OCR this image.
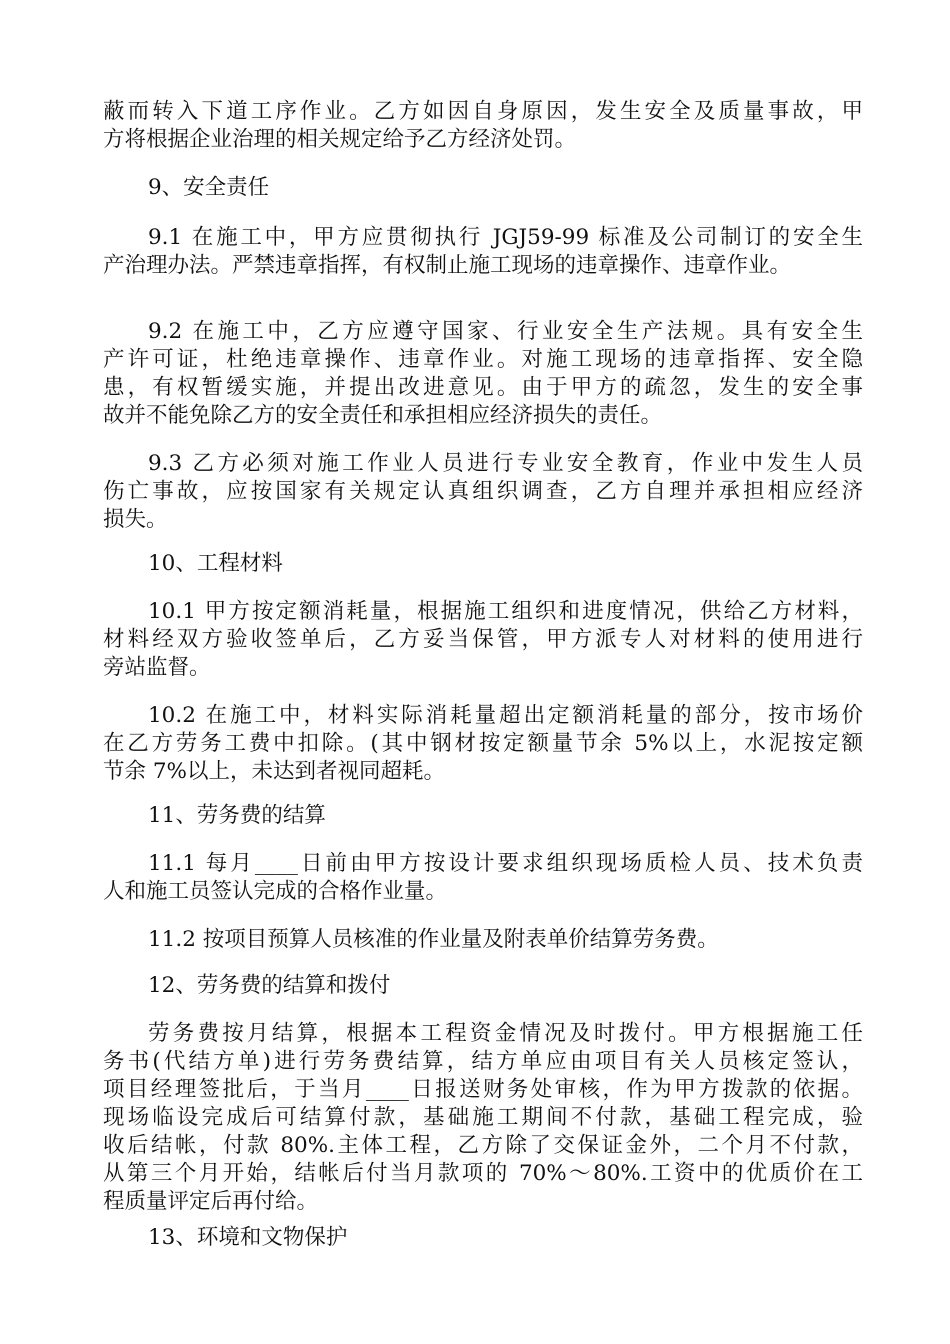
蔽而转入下道工序作业。乙方如因自身原因，发生安全及质量事故，甲
方将根据企业治理的相关规定给予乙方经济处罚。
9、安全责任
9.1 在施工中，甲方应贯彻执行 JGJ59-99 标准及公司制订的安全生
产治理办法。严禁违章指挥，有权制止施工现场的违章操作、违章作业。
9.2 在施工中，乙方应遵守国家、行业安全生产法规。具有安全生
产许可证，杜绝违章操作、违章作业。对施工现场的违章指挥、安全隐
患，有权暂缓实施，并提出改进意见。由于甲方的疏忽，发生的安全事
故并不能免除乙方的安全责任和承担相应经济损失的责任。
9.3 乙方必须对施工作业人员进行专业安全教育，作业中发生人员
伤亡事故，应按国家有关规定认真组织调查，乙方自理并承担相应经济
损失。
10、工程材料
10.1 甲方按定额消耗量，根据施工组织和进度情况，供给乙方材料，
材料经双方验收签单后，乙方妥当保管，甲方派专人对材料的使用进行
旁站监督。
10.2 在施工中，材料实际消耗量超出定额消耗量的部分，按市场价
在乙方劳务工费中扣除。(其中钢材按定额量节余 5%以上，水泥按定额
节余 7%以上，未达到者视同超耗。
11、劳务费的结算
11.1 每月____日前由甲方按设计要求组织现场质检人员、技术负责
人和施工员签认完成的合格作业量。
11.2 按项目预算人员核准的作业量及附表单价结算劳务费。
12、劳务费的结算和拨付
劳务费按月结算，根据本工程资金情况及时拨付。甲方根据施工任
务书(代结方单)进行劳务费结算，结方单应由项目有关人员核定签认，
项目经理签批后，于当月____日报送财务处审核，作为甲方拨款的依据。
现场临设完成后可结算付款，基础施工期间不付款，基础工程完成，验
收后结帐，付款 80%.主体工程，乙方除了交保证金外，二个月不付款，
从第三个月开始，结帐后付当月款项的 70%～80%.工资中的优质价在工
程质量评定后再付给。
13、环境和文物保护
